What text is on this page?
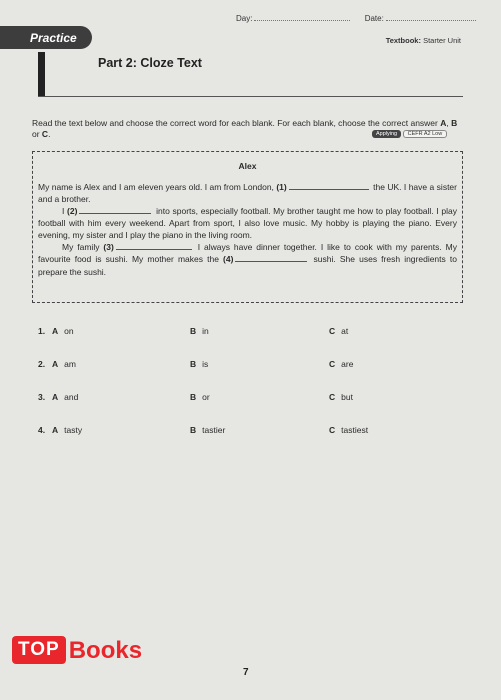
Day:	Date:
Practice	Textbook: Starter Unit
Part 2: Cloze Text
Read the text below and choose the correct word for each blank. For each blank, choose the correct answer A, B or C.	Applying CEFR A2 Low
Alex

My name is Alex and I am eleven years old. I am from London, (1)	the UK. I have a sister and a brother.

I (2)	into sports, especially football. My brother taught me how to play football. I play football with him every weekend. Apart from sport, I also love music. My hobby is playing the piano. Every evening, my sister and I play the piano in the living room.

My family (3)	I always have dinner together. I like to cook with my parents. My favourite food is sushi. My mother makes the (4)	sushi. She uses fresh ingredients to prepare the sushi.

1. A on	B in	C at
2. A am	B is	C are
3. A and	B or	C but
4. A tasty	B tastier	C tastiest
TOP Books
7
